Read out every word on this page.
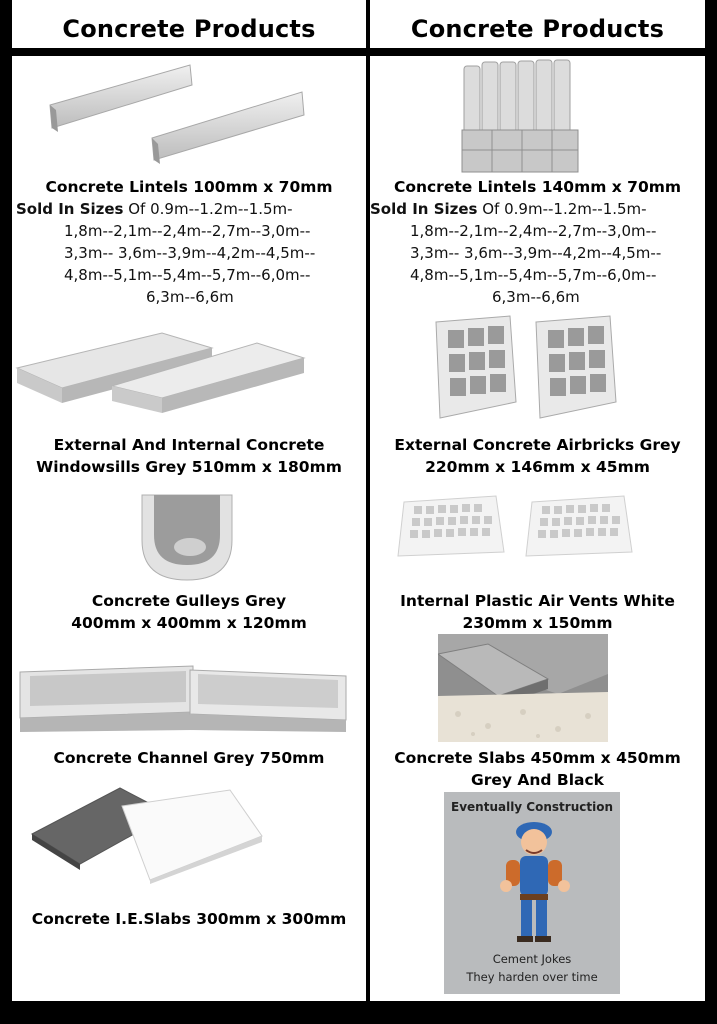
Concrete Products
Concrete Lintels 100mm x 70mm
Sold In Sizes Of 0.9m--1.2m--1.5m-
1,8m--2,1m--2,4m--2,7m--3,0m--
3,3m-- 3,6m--3,9m--4,2m--4,5m--
4,8m--5,1m--5,4m--5,7m--6,0m--
6,3m--6,6m
External And Internal Concrete
Windowsills Grey 510mm x 180mm
Concrete Gulleys Grey
400mm x 400mm x 120mm
Concrete Channel Grey 750mm
Concrete I.E.Slabs 300mm x 300mm
Concrete Products
Concrete Lintels 140mm x 70mm
Sold In Sizes Of 0.9m--1.2m--1.5m-
1,8m--2,1m--2,4m--2,7m--3,0m--
3,3m-- 3,6m--3,9m--4,2m--4,5m--
4,8m--5,1m--5,4m--5,7m--6,0m--
6,3m--6,6m
External Concrete Airbricks Grey
220mm x 146mm x 45mm
Internal Plastic Air Vents White
230mm x 150mm
Concrete Slabs 450mm x 450mm
Grey And Black
Eventually Construction
Cement Jokes
They harden over time
